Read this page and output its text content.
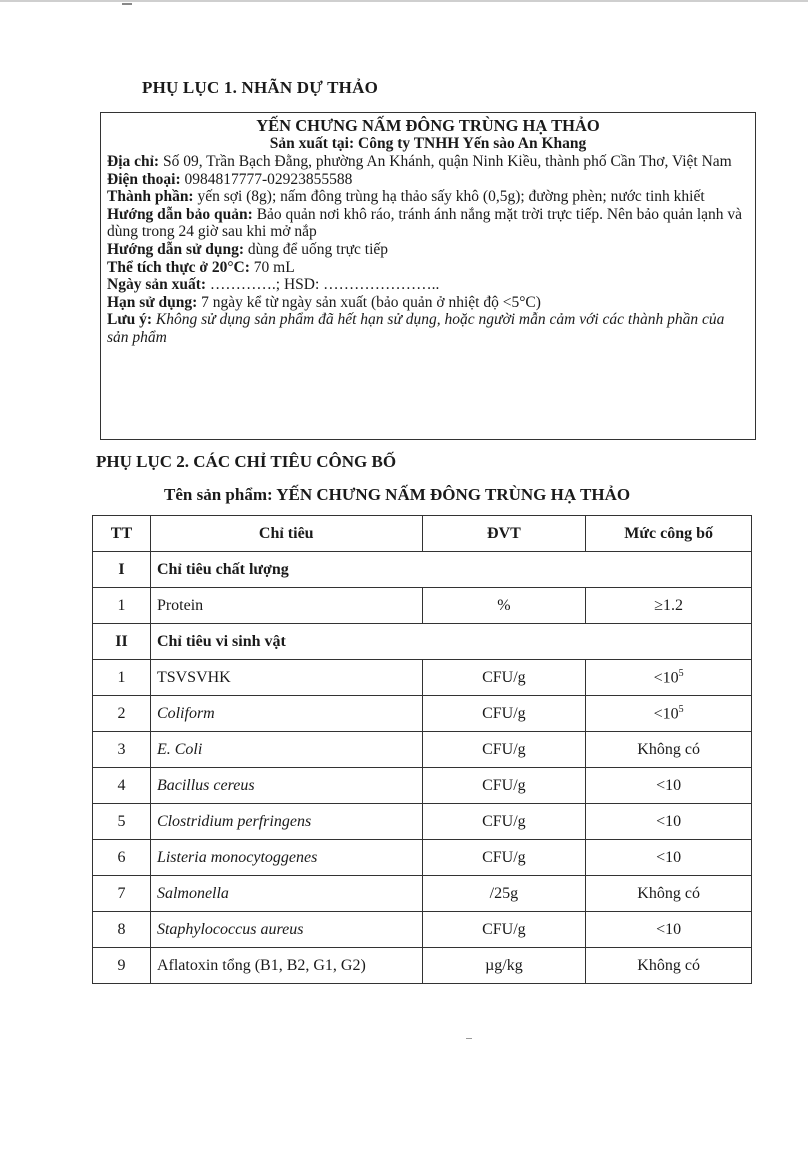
PHỤ LỤC 1. NHÃN DỰ THẢO
YẾN CHƯNG NẤM ĐÔNG TRÙNG HẠ THẢO
Sản xuất tại: Công ty TNHH Yến sào An Khang

Địa chỉ: Số 09, Trần Bạch Đằng, phường An Khánh, quận Ninh Kiều, thành phố Cần Thơ, Việt Nam

Điện thoại: 0984817777-02923855588

Thành phần: yến sợi (8g); nấm đông trùng hạ thảo sấy khô (0,5g); đường phèn; nước tinh khiết

Hướng dẫn bảo quản: Bảo quản nơi khô ráo, tránh ánh nắng mặt trời trực tiếp. Nên bảo quản lạnh và dùng trong 24 giờ sau khi mở nắp

Hướng dẫn sử dụng: dùng để uống trực tiếp

Thể tích thực ở 20°C: 70 mL

Ngày sản xuất: ………….; HSD: …………………..

Hạn sử dụng: 7 ngày kể từ ngày sản xuất (bảo quản ở nhiệt độ <5°C)

Lưu ý: Không sử dụng sản phẩm đã hết hạn sử dụng, hoặc người mẫn cảm với các thành phần của sản phẩm

PHỤ LỤC 2. CÁC CHỈ TIÊU CÔNG BỐ
Tên sản phẩm: YẾN CHƯNG NẤM ĐÔNG TRÙNG HẠ THẢO
TT	Chỉ tiêu	ĐVT	Mức công bố
I	Chỉ tiêu chất lượng		
1	Protein	%	≥1.2
II	Chỉ tiêu vi sinh vật		
1	TSVSVHK	CFU/g	$<10^5$
2	Coliform	CFU/g	$<10^5$
3	E. Coli	CFU/g	Không có
4	Bacillus cereus	CFU/g	<10
5	Clostridium perfringens	CFU/g	<10
6	Listeria monocytoggenes	CFU/g	<10
7	Salmonella	/25g	Không có
8	Staphylococcus aureus	CFU/g	<10
9	Aflatoxin tổng (B1, B2, G1, G2)	µg/kg	Không có
